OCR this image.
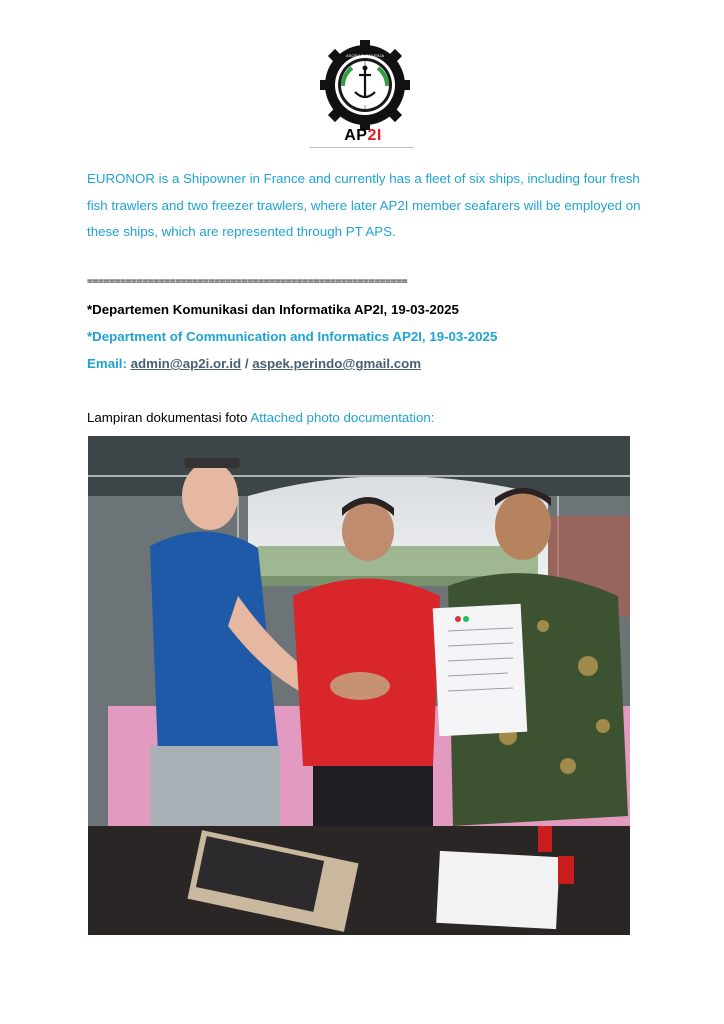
ASOSIASI PEKERJA
AP2I
EURONOR is a Shipowner in France and currently has a fleet of six ships, including four fresh fish trawlers and two freezer trawlers, where later AP2I member seafarers will be employed on these ships, which are represented through PT APS.
==========================================================
*Departemen Komunikasi dan Informatika AP2I, 19-03-2025
*Department of Communication and Informatics AP2I, 19-03-2025
Email: admin@ap2i.or.id / aspek.perindo@gmail.com
Lampiran dokumentasi foto Attached photo documentation:
